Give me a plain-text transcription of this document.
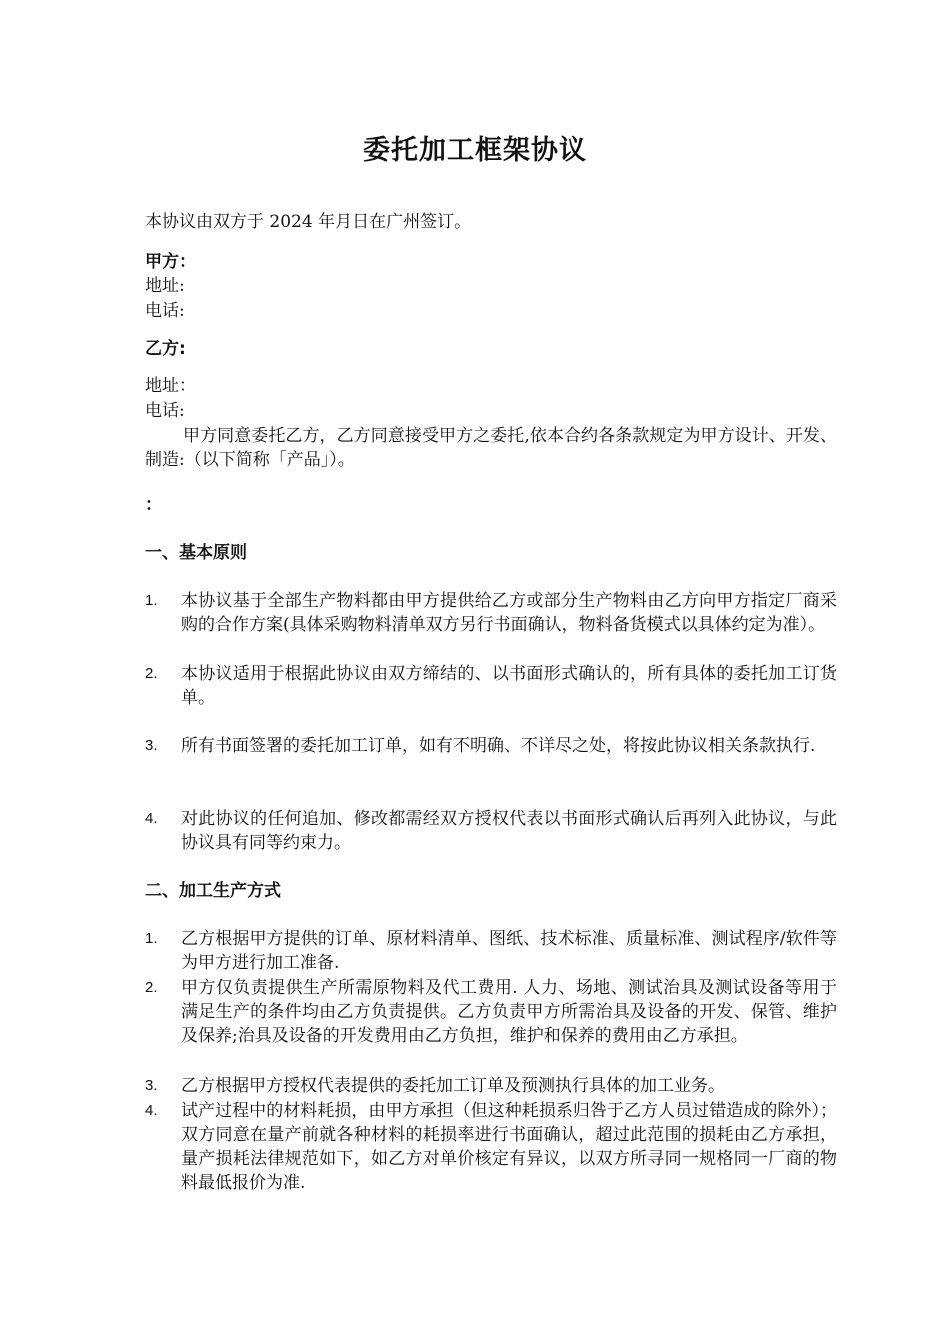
委托加工框架协议
本协议由双方于 2024 年月日在广州签订。
甲方：
地址:
电话:
乙方:
地址：
电话:
甲方同意委托乙方，乙方同意接受甲方之委托,依本合约各条款规定为甲方设计、开发、制造:（以下简称「产品」）。
：
一、基本原则
1.	本协议基于全部生产物料都由甲方提供给乙方或部分生产物料由乙方向甲方指定厂商采购的合作方案(具体采购物料清单双方另行书面确认，物料备货模式以具体约定为准）。
2.	本协议适用于根据此协议由双方缔结的、以书面形式确认的，所有具体的委托加工订货单。
3.	所有书面签署的委托加工订单，如有不明确、不详尽之处，将按此协议相关条款执行.
4.	对此协议的任何追加、修改都需经双方授权代表以书面形式确认后再列入此协议，与此协议具有同等约束力。
二、加工生产方式
1.	乙方根据甲方提供的订单、原材料清单、图纸、技术标准、质量标准、测试程序/软件等为甲方进行加工准备.
2.	甲方仅负责提供生产所需原物料及代工费用. 人力、场地、测试治具及测试设备等用于满足生产的条件均由乙方负责提供。乙方负责甲方所需治具及设备的开发、保管、维护及保养;治具及设备的开发费用由乙方负担，维护和保养的费用由乙方承担。
3.	乙方根据甲方授权代表提供的委托加工订单及预测执行具体的加工业务。
4.	试产过程中的材料耗损，由甲方承担（但这种耗损系归咎于乙方人员过错造成的除外）；双方同意在量产前就各种材料的耗损率进行书面确认，超过此范围的损耗由乙方承担，量产损耗法律规范如下，如乙方对单价核定有异议，以双方所寻同一规格同一厂商的物料最低报价为准.
